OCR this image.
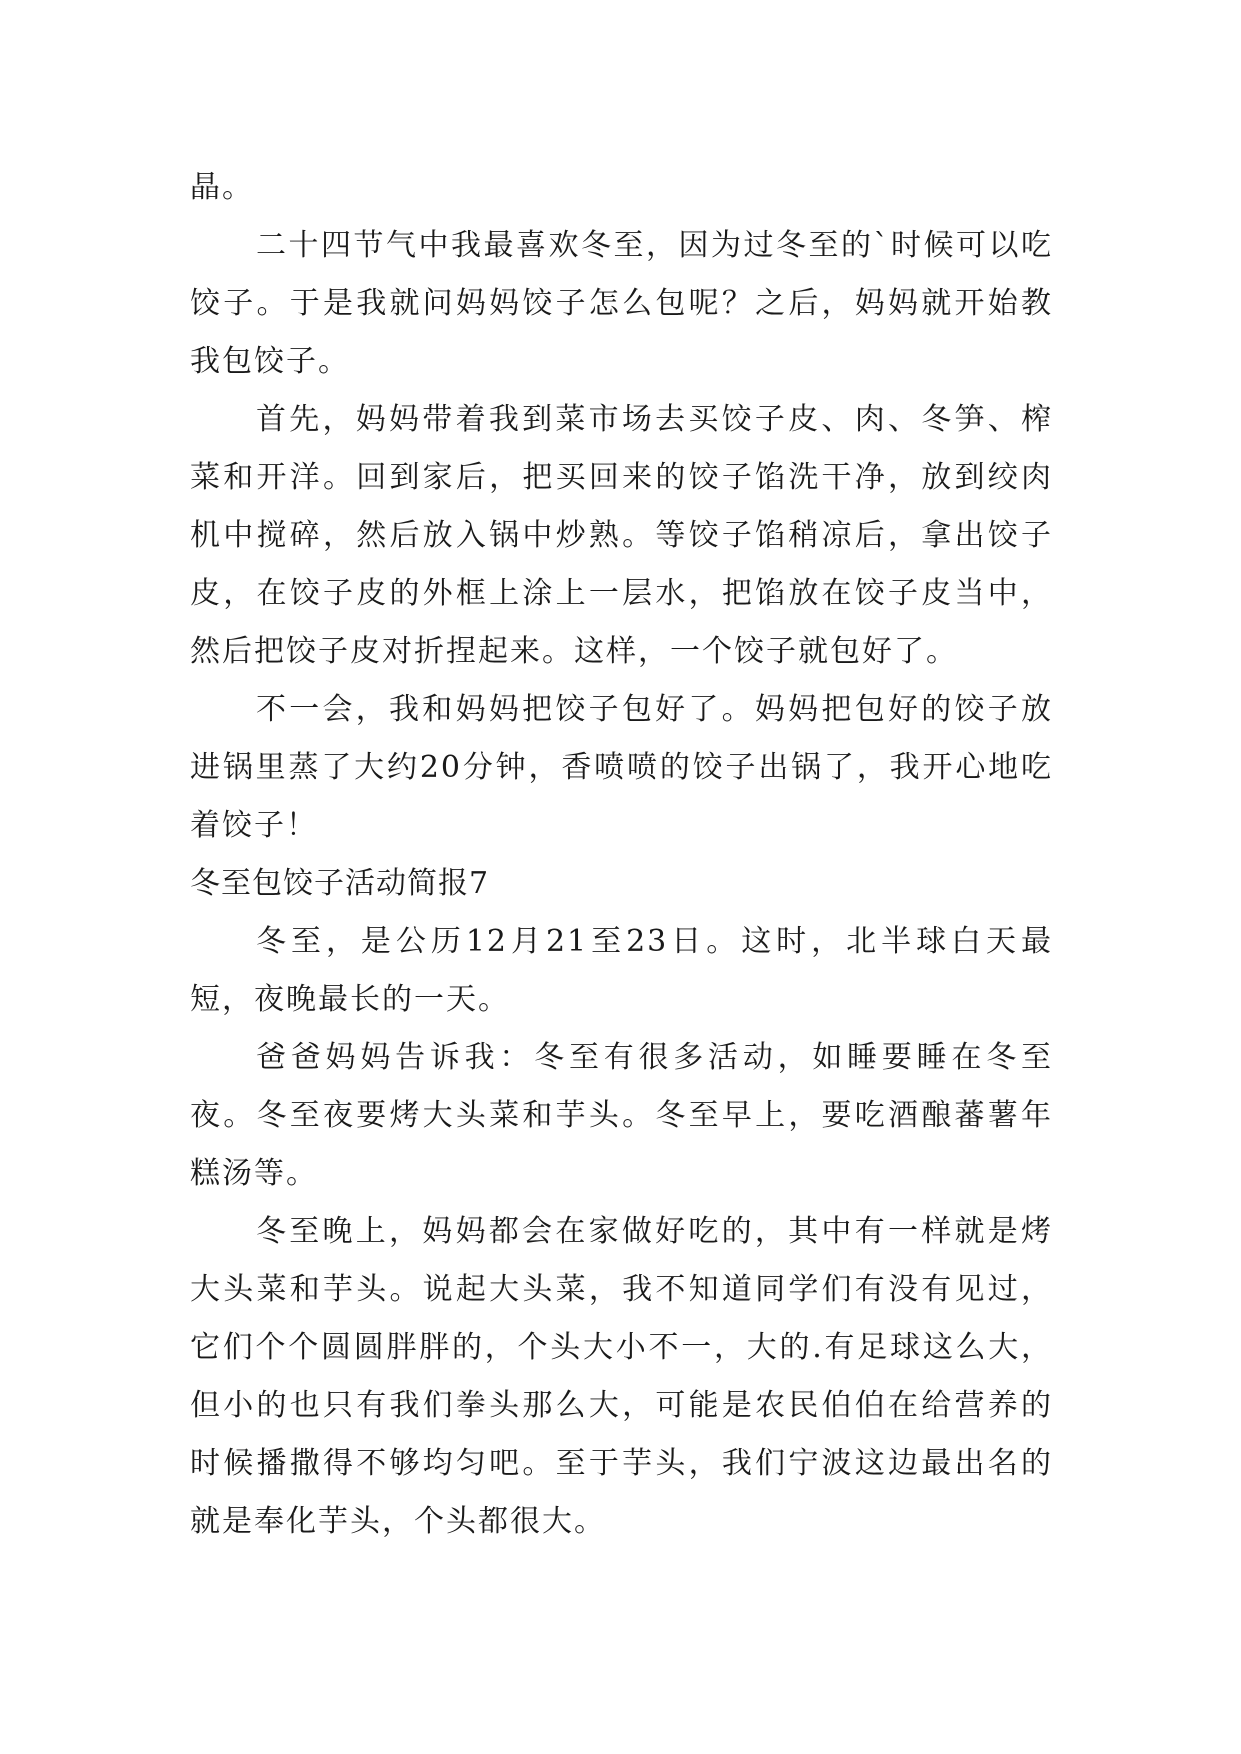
晶。

二十四节气中我最喜欢冬至，因为过冬至的`时候可以吃饺子。于是我就问妈妈饺子怎么包呢？之后，妈妈就开始教我包饺子。

首先，妈妈带着我到菜市场去买饺子皮、肉、冬笋、榨菜和开洋。回到家后，把买回来的饺子馅洗干净，放到绞肉机中搅碎，然后放入锅中炒熟。等饺子馅稍凉后，拿出饺子皮，在饺子皮的外框上涂上一层水，把馅放在饺子皮当中，然后把饺子皮对折捏起来。这样，一个饺子就包好了。

不一会，我和妈妈把饺子包好了。妈妈把包好的饺子放进锅里蒸了大约20分钟，香喷喷的饺子出锅了，我开心地吃着饺子！

冬至包饺子活动简报7

冬至，是公历12月21至23日。这时，北半球白天最短，夜晚最长的一天。

爸爸妈妈告诉我：冬至有很多活动，如睡要睡在冬至夜。冬至夜要烤大头菜和芋头。冬至早上，要吃酒酿蕃薯年糕汤等。

冬至晚上，妈妈都会在家做好吃的，其中有一样就是烤大头菜和芋头。说起大头菜，我不知道同学们有没有见过，它们个个圆圆胖胖的，个头大小不一，大的.有足球这么大，但小的也只有我们拳头那么大，可能是农民伯伯在给营养的时候播撒得不够均匀吧。至于芋头，我们宁波这边最出名的就是奉化芋头，个头都很大。
